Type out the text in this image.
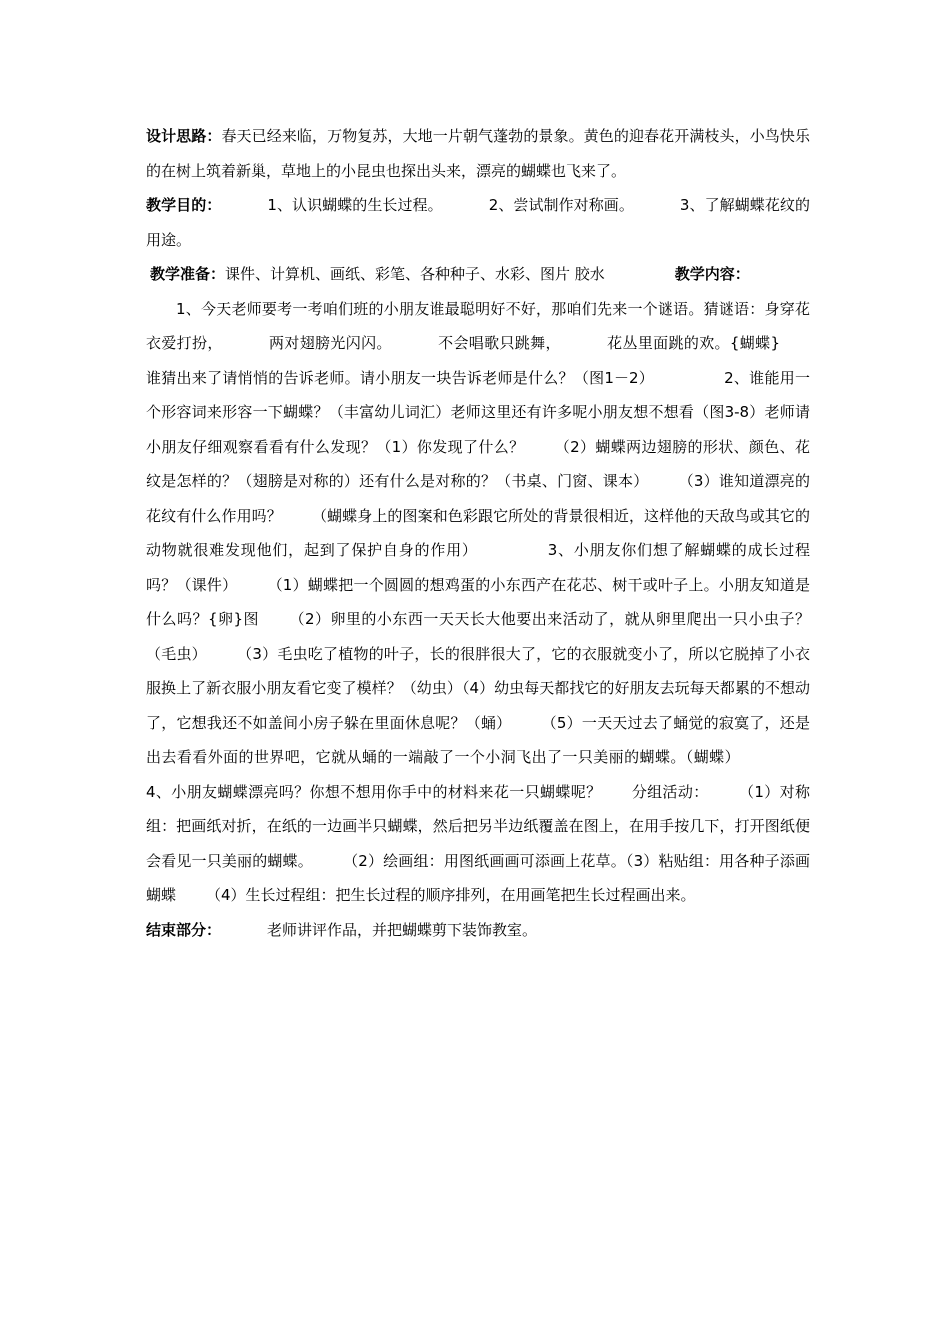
设计思路：春天已经来临，万物复苏，大地一片朝气蓬勃的景象。黄色的迎春花开满枝头，小鸟快乐的在树上筑着新巢，草地上的小昆虫也探出头来，漂亮的蝴蝶也飞来了。

教学目的：	1、认识蝴蝶的生长过程。	2、尝试制作对称画。	3、了解蝴蝶花纹的用途。

教学准备：课件、计算机、画纸、彩笔、各种种子、水彩、图片 胶水	教学内容：

1、今天老师要考一考咱们班的小朋友谁最聪明好不好，那咱们先来一个谜语。猜谜语：身穿花衣爱打扮，	两对翅膀光闪闪。	不会唱歌只跳舞，	花丛里面跳的欢。{蝴蝶}谁猜出来了请悄悄的告诉老师。请小朋友一块告诉老师是什么？（图1－2）	2、谁能用一个形容词来形容一下蝴蝶？（丰富幼儿词汇）老师这里还有许多呢小朋友想不想看（图3-8）老师请小朋友仔细观察看看有什么发现？（1）你发现了什么？ （2）蝴蝶两边翅膀的形状、颜色、花纹是怎样的？（翅膀是对称的）还有什么是对称的？（书桌、门窗、课本） （3）谁知道漂亮的花纹有什么作用吗？ （蝴蝶身上的图案和色彩跟它所处的背景很相近，这样他的天敌鸟或其它的动物就很难发现他们，起到了保护自身的作用）	3、小朋友你们想了解蝴蝶的成长过程吗？（课件） （1）蝴蝶把一个圆圆的想鸡蛋的小东西产在花芯、树干或叶子上。小朋友知道是什么吗？{卵}图 （2）卵里的小东西一天天长大他要出来活动了，就从卵里爬出一只小虫子？（毛虫） （3）毛虫吃了植物的叶子，长的很胖很大了，它的衣服就变小了，所以它脱掉了小衣服换上了新衣服小朋友看它变了模样？（幼虫）（4）幼虫每天都找它的好朋友去玩每天都累的不想动了，它想我还不如盖间小房子躲在里面休息呢？（蛹） （5）一天天过去了蛹觉的寂寞了，还是出去看看外面的世界吧，它就从蛹的一端敲了一个小洞飞出了一只美丽的蝴蝶。（蝴蝶）4、小朋友蝴蝶漂亮吗？你想不想用你手中的材料来花一只蝴蝶呢？ 分组活动： （1）对称组：把画纸对折，在纸的一边画半只蝴蝶，然后把另半边纸覆盖在图上，在用手按几下，打开图纸便会看见一只美丽的蝴蝶。 （2）绘画组：用图纸画画可添画上花草。（3）粘贴组：用各种子添画蝴蝶 （4）生长过程组：把生长过程的顺序排列，在用画笔把生长过程画出来。

结束部分：	老师讲评作品，并把蝴蝶剪下装饰教室。
